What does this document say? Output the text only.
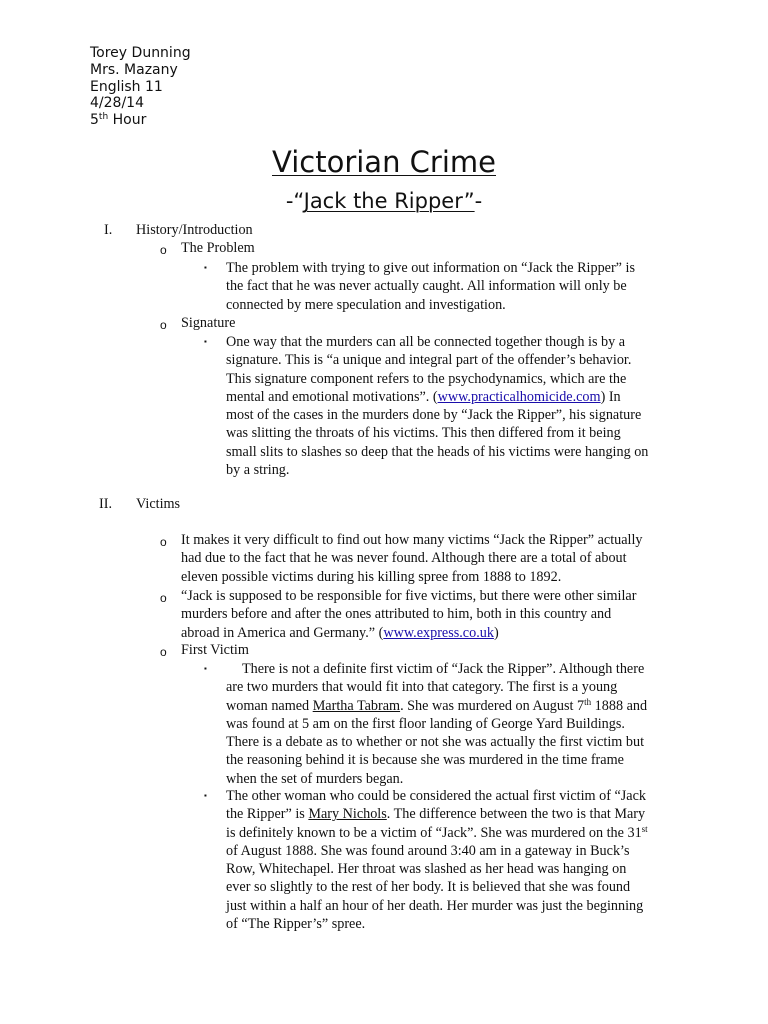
Torey Dunning
Mrs. Mazany
English 11
4/28/14
5th Hour
Victorian Crime
-“Jack the Ripper”-
I. History/Introduction
o The Problem
▪ The problem with trying to give out information on “Jack the Ripper” is
the fact that he was never actually caught. All information will only be
connected by mere speculation and investigation.
o Signature
▪ One way that the murders can all be connected together though is by a
signature. This is “a unique and integral part of the offender’s behavior.
This signature component refers to the psychodynamics, which are the
mental and emotional motivations”. (www.practicalhomicide.com) In
most of the cases in the murders done by “Jack the Ripper”, his signature
was slitting the throats of his victims. This then differed from it being
small slits to slashes so deep that the heads of his victims were hanging on
by a string.
II. Victims
o It makes it very difficult to find out how many victims “Jack the Ripper” actually
had due to the fact that he was never found. Although there are a total of about
eleven possible victims during his killing spree from 1888 to 1892.
o “Jack is supposed to be responsible for five victims, but there were other similar
murders before and after the ones attributed to him, both in this country and
abroad in America and Germany.” (www.express.co.uk)
o First Victim
▪	There is not a definite first victim of “Jack the Ripper”. Although there
are two murders that would fit into that category. The first is a young
woman named Martha Tabram. She was murdered on August 7th 1888 and
was found at 5 am on the first floor landing of George Yard Buildings.
There is a debate as to whether or not she was actually the first victim but
the reasoning behind it is because she was murdered in the time frame
when the set of murders began.
▪ The other woman who could be considered the actual first victim of “Jack
the Ripper” is Mary Nichols. The difference between the two is that Mary
is definitely known to be a victim of “Jack”. She was murdered on the 31st
of August 1888. She was found around 3:40 am in a gateway in Buck’s
Row, Whitechapel. Her throat was slashed as her head was hanging on
ever so slightly to the rest of her body. It is believed that she was found
just within a half an hour of her death. Her murder was just the beginning
of “The Ripper’s” spree.
